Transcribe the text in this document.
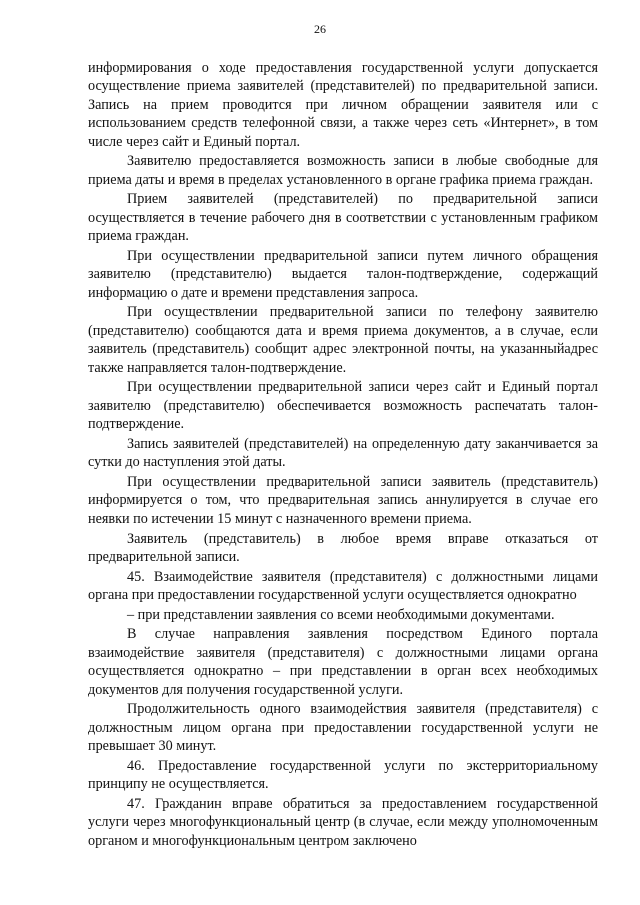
26

информирования о ходе предоставления государственной услуги допускается осуществление приема заявителей (представителей) по предварительной записи. Запись на прием проводится при личном обращении заявителя или с использованием средств телефонной связи, а также через сеть «Интернет», в том числе через сайт и Единый портал.

Заявителю предоставляется возможность записи в любые свободные для приема даты и время в пределах установленного в органе графика приема граждан.

Прием заявителей (представителей) по предварительной записи осуществляется в течение рабочего дня в соответствии с установленным графиком приема граждан.

При осуществлении предварительной записи путем личного обращения заявителю (представителю) выдается талон-подтверждение, содержащий информацию о дате и времени представления запроса.

При осуществлении предварительной записи по телефону заявителю (представителю) сообщаются дата и время приема документов, а в случае, если заявитель (представитель) сообщит адрес электронной почты, на указанныйадрес также направляется талон-подтверждение.

При осуществлении предварительной записи через сайт и Единый портал заявителю (представителю) обеспечивается возможность распечатать талон- подтверждение.

Запись заявителей (представителей) на определенную дату заканчивается за сутки до наступления этой даты.

При осуществлении предварительной записи заявитель (представитель) информируется о том, что предварительная запись аннулируется в случае его неявки по истечении 15 минут с назначенного времени приема.

Заявитель (представитель) в любое время вправе отказаться от предварительной записи.

45. Взаимодействие заявителя (представителя) с должностными лицами органа при предоставлении государственной услуги осуществляется однократно

– при представлении заявления со всеми необходимыми документами.

В случае направления заявления посредством Единого портала взаимодействие заявителя (представителя) с должностными лицами органа осуществляется однократно – при представлении в орган всех необходимых документов для получения государственной услуги.

Продолжительность одного взаимодействия заявителя (представителя) с должностным лицом органа при предоставлении государственной услуги не превышает 30 минут.

46. Предоставление государственной услуги по экстерриториальному принципу не осуществляется.

47. Гражданин вправе обратиться за предоставлением государственной услуги через многофункциональный центр (в случае, если между уполномоченным органом и многофункциональным центром заключено
